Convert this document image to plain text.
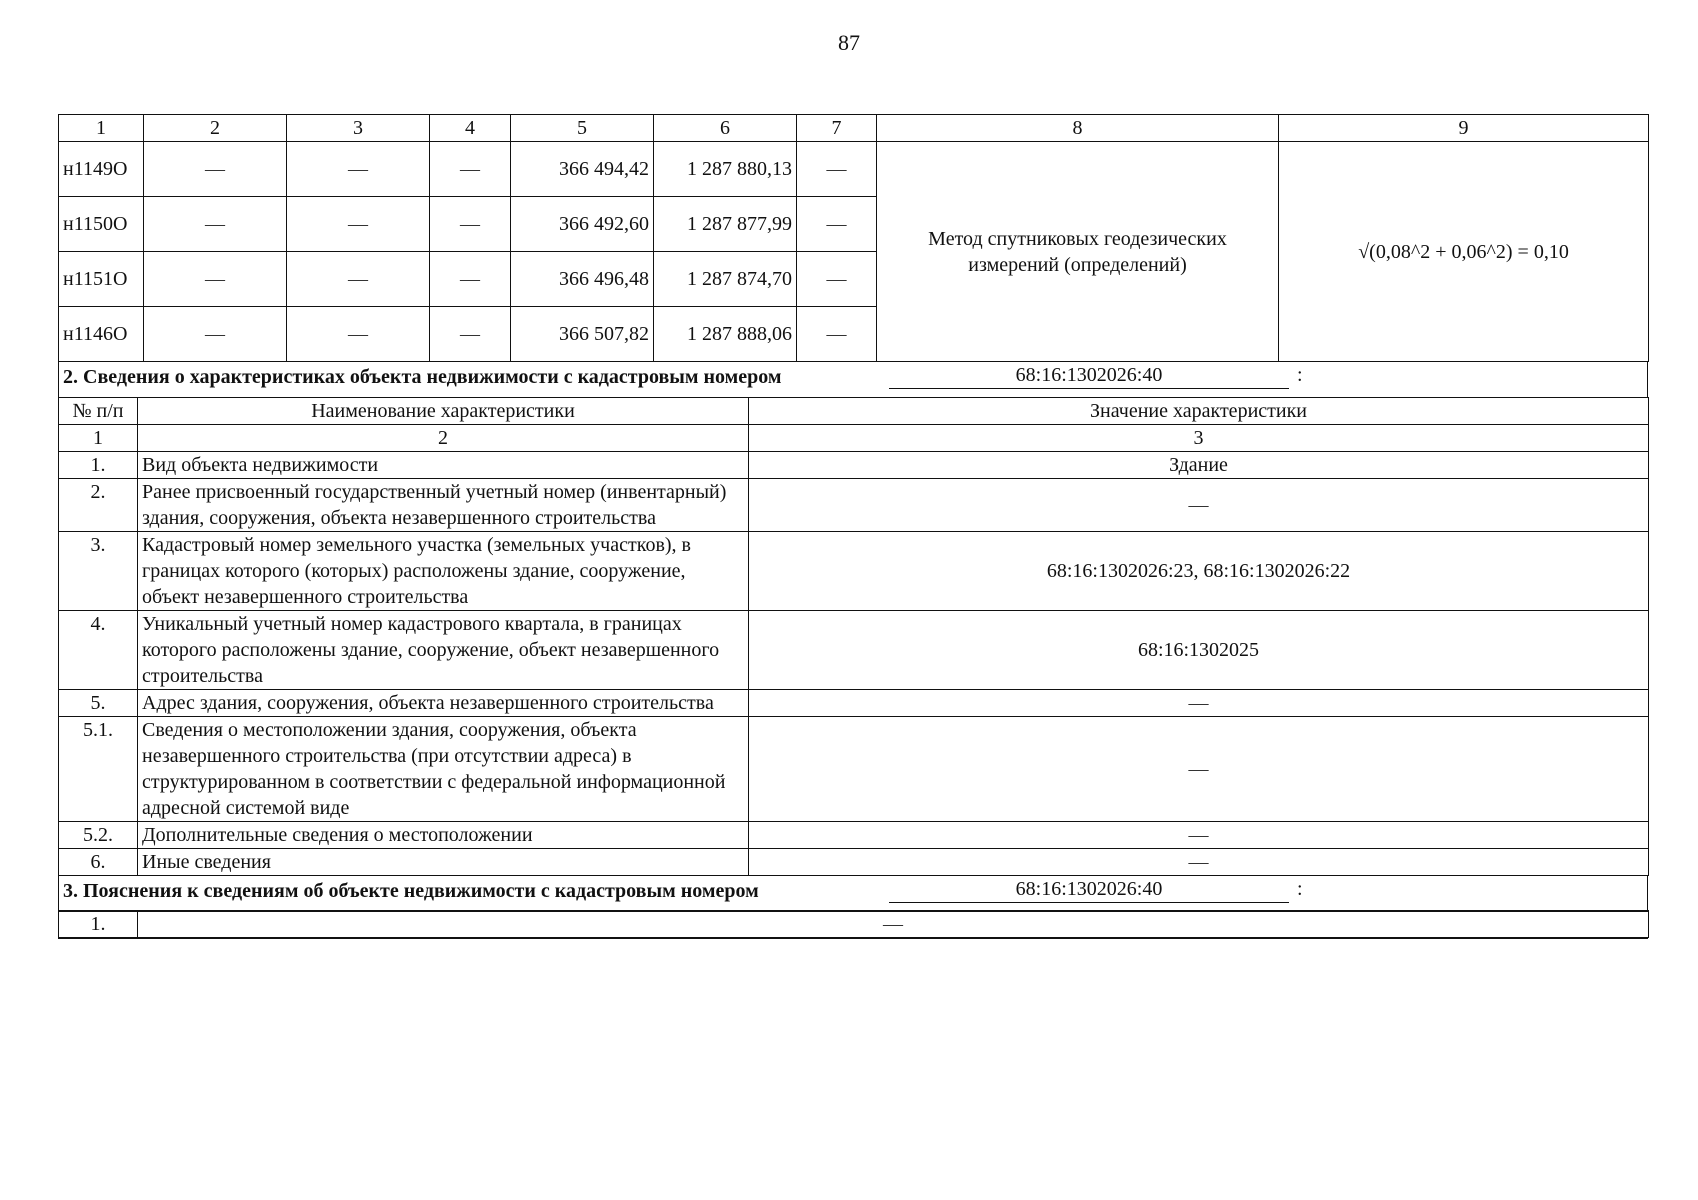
87
1	2	3	4	5	6	7	8	9
н1149О	—	—	—	366 494,42	1 287 880,13	—	Метод спутниковых геодезических измерений (определений)	√(0,08^2 + 0,06^2) = 0,10
н1150О	—	—	—	366 492,60	1 287 877,99	—		
н1151О	—	—	—	366 496,48	1 287 874,70	—		
н1146О	—	—	—	366 507,82	1 287 888,06	—		
2. Сведения о характеристиках объекта недвижимости с кадастровым номером	68:16:1302026:40	:
№ п/п	Наименование характеристики	Значение характеристики
1	2	3
1.	Вид объекта недвижимости	Здание
2.	Ранее присвоенный государственный учетный номер (инвентарный) здания, сооружения, объекта незавершенного строительства	—
3.	Кадастровый номер земельного участка (земельных участков), в границах которого (которых) расположены здание, сооружение, объект незавершенного строительства	68:16:1302026:23, 68:16:1302026:22
4.	Уникальный учетный номер кадастрового квартала, в границах которого расположены здание, сооружение, объект незавершенного строительства	68:16:1302025
5.	Адрес здания, сооружения, объекта незавершенного строительства	—
5.1.	Сведения о местоположении здания, сооружения, объекта незавершенного строительства (при отсутствии адреса) в структурированном в соответствии с федеральной информационной адресной системой виде	—
5.2.	Дополнительные сведения о местоположении	—
6.	Иные сведения	—
3. Пояснения к сведениям об объекте недвижимости с кадастровым номером	68:16:1302026:40	:
1.	—
